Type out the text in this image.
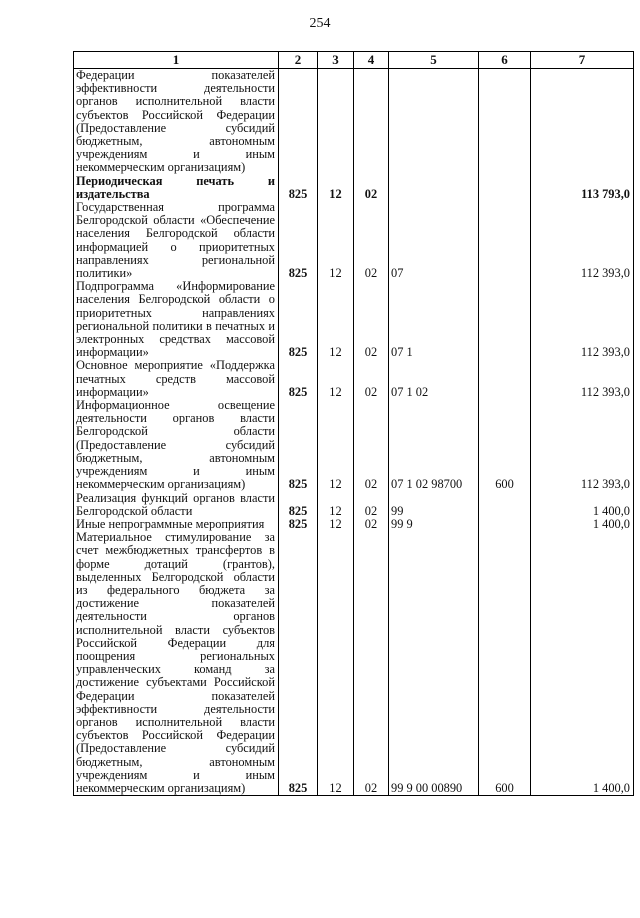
254
1	2	3	4	5	6	7
Федерации показателей эффективности деятельности органов исполнительной власти субъектов Российской Федерации (Предоставление субсидий бюджетным, автономным учреждениям и иным некоммерческим организациям)						
Периодическая печать и издательства	825	12	02			113 793,0
Государственная программа Белгородской области «Обеспечение населения Белгородской области информацией о приоритетных направлениях региональной политики»	825	12	02	07		112 393,0
Подпрограмма «Информирование населения Белгородской области о приоритетных направлениях региональной политики в печатных и электронных средствах массовой информации»	825	12	02	07 1		112 393,0
Основное мероприятие «Поддержка печатных средств массовой информации»	825	12	02	07 1 02		112 393,0
Информационное освещение деятельности органов власти Белгородской области (Предоставление субсидий бюджетным, автономным учреждениям и иным некоммерческим организациям)	825	12	02	07 1 02 98700	600	112 393,0
Реализация функций органов власти Белгородской области	825	12	02	99		1 400,0
Иные непрограммные мероприятия	825	12	02	99 9		1 400,0
Материальное стимулирование за счет межбюджетных трансфертов в форме дотаций (грантов), выделенных Белгородской области из федерального бюджета за достижение показателей деятельности органов исполнительной власти субъектов Российской Федерации для поощрения региональных управленческих команд за достижение субъектами Российской Федерации показателей эффективности деятельности органов исполнительной власти субъектов Российской Федерации (Предоставление субсидий бюджетным, автономным учреждениям и иным некоммерческим организациям)	825	12	02	99 9 00 00890	600	1 400,0
